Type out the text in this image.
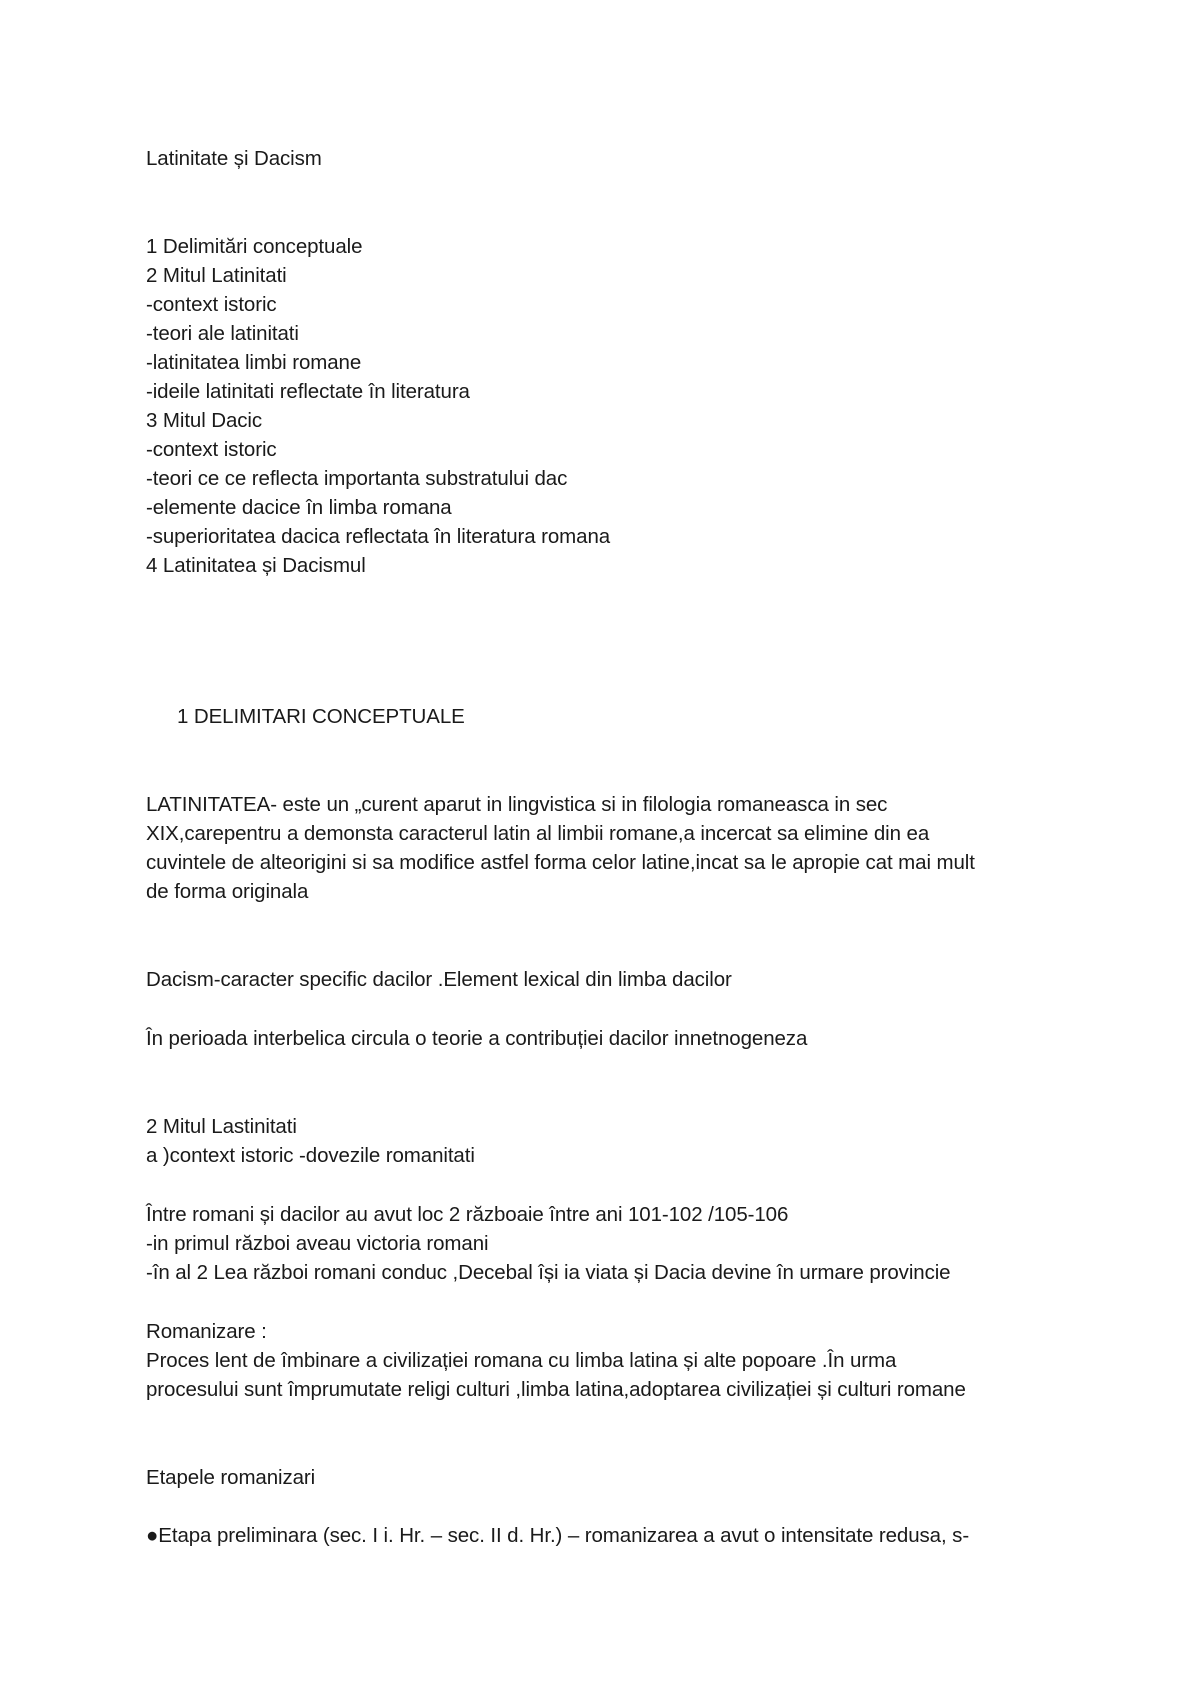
Latinitate și Dacism
1 Delimitări conceptuale
2 Mitul Latinitati
-context istoric
-teori ale latinitati
-latinitatea limbi romane
-ideile latinitati reflectate în literatura
3 Mitul Dacic
-context istoric
-teori ce ce reflecta importanta substratului dac
-elemente dacice în limba romana
-superioritatea dacica reflectata în literatura romana
4 Latinitatea și Dacismul
1 DELIMITARI CONCEPTUALE
LATINITATEA- este un „curent aparut in lingvistica si in filologia romaneasca in sec
XIX,carepentru a demonsta caracterul latin al limbii romane,a incercat sa elimine din ea
cuvintele de alteorigini si sa modifice astfel forma celor latine,incat sa le apropie cat mai mult
de forma originala
Dacism-caracter specific dacilor .Element lexical din limba dacilor
În perioada interbelica circula o teorie a contribuției dacilor innetnogeneza
2 Mitul Lastinitati
a )context istoric -dovezile romanitati
Între romani și dacilor au avut loc 2 războaie între ani 101-102 /105-106
-in primul război aveau victoria romani
-în al 2 Lea război romani conduc ,Decebal își ia viata și Dacia devine în urmare provincie
Romanizare :
Proces lent de îmbinare a civilizației romana cu limba latina și alte popoare .În urma
procesului sunt împrumutate religi culturi ,limba latina,adoptarea civilizației și culturi romane
Etapele romanizari
●Etapa preliminara (sec. I i. Hr. – sec. II d. Hr.) – romanizarea a avut o intensitate redusa, s-
